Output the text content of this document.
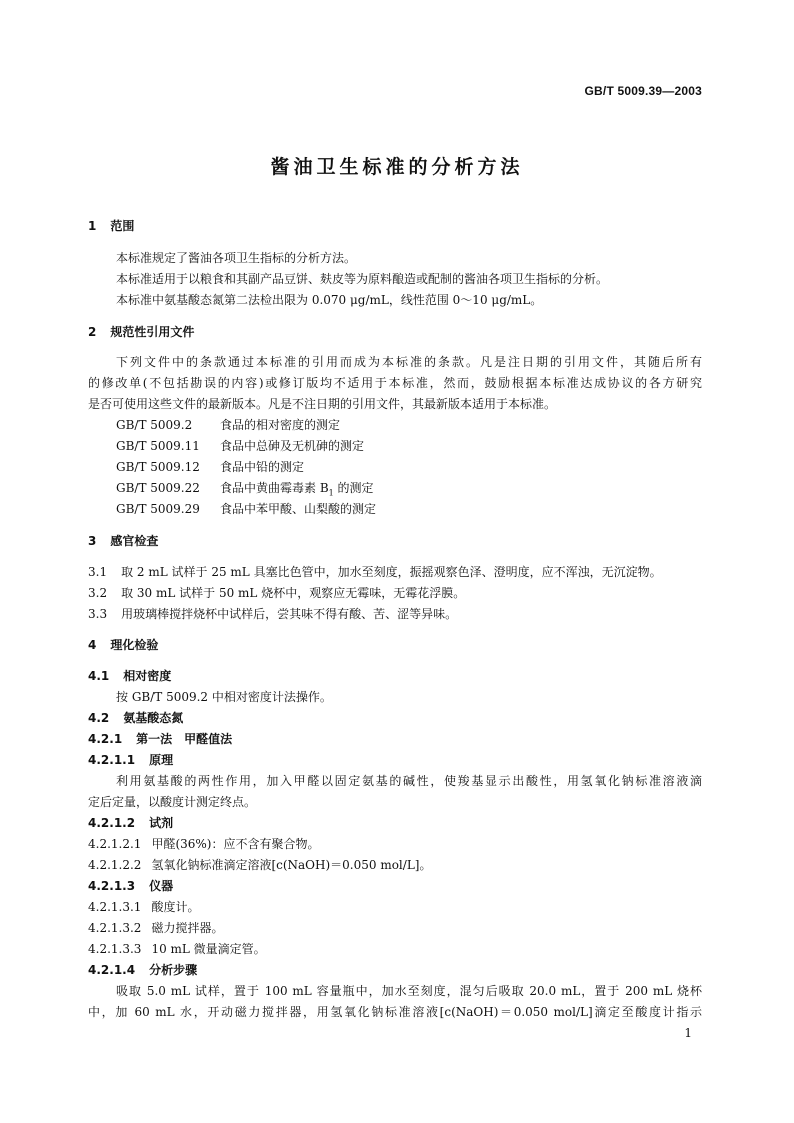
GB/T 5009.39—2003
酱油卫生标准的分析方法
1 范围
本标准规定了酱油各项卫生指标的分析方法。
本标准适用于以粮食和其副产品豆饼、麸皮等为原料酿造或配制的酱油各项卫生指标的分析。
本标准中氨基酸态氮第二法检出限为 0.070 μg/mL，线性范围 0～10 μg/mL。
2 规范性引用文件
下列文件中的条款通过本标准的引用而成为本标准的条款。凡是注日期的引用文件，其随后所有
的修改单(不包括勘误的内容)或修订版均不适用于本标准，然而，鼓励根据本标准达成协议的各方研究
是否可使用这些文件的最新版本。凡是不注日期的引用文件，其最新版本适用于本标准。
GB/T 5009.2 食品的相对密度的测定
GB/T 5009.11 食品中总砷及无机砷的测定
GB/T 5009.12 食品中铅的测定
GB/T 5009.22 食品中黄曲霉毒素 $B_1$ 的测定
GB/T 5009.29 食品中苯甲酸、山梨酸的测定
3 感官检查
3.1 取 2 mL 试样于 25 mL 具塞比色管中，加水至刻度，振摇观察色泽、澄明度，应不浑浊，无沉淀物。
3.2 取 30 mL 试样于 50 mL 烧杯中，观察应无霉味，无霉花浮膜。
3.3 用玻璃棒搅拌烧杯中试样后，尝其味不得有酸、苦、涩等异味。
4 理化检验
4.1 相对密度
按 GB/T 5009.2 中相对密度计法操作。
4.2 氨基酸态氮
4.2.1 第一法　甲醛值法
4.2.1.1 原理
利用氨基酸的两性作用，加入甲醛以固定氨基的碱性，使羧基显示出酸性，用氢氧化钠标准溶液滴
定后定量，以酸度计测定终点。
4.2.1.2 试剂
4.2.1.2.1 甲醛(36%)：应不含有聚合物。
4.2.1.2.2 氢氧化钠标准滴定溶液[c(NaOH)＝0.050 mol/L]。
4.2.1.3 仪器
4.2.1.3.1 酸度计。
4.2.1.3.2 磁力搅拌器。
4.2.1.3.3 10 mL 微量滴定管。
4.2.1.4 分析步骤
吸取 5.0 mL 试样，置于 100 mL 容量瓶中，加水至刻度，混匀后吸取 20.0 mL，置于 200 mL 烧杯
中，加 60 mL 水，开动磁力搅拌器，用氢氧化钠标准溶液[c(NaOH)＝0.050 mol/L]滴定至酸度计指示
1
